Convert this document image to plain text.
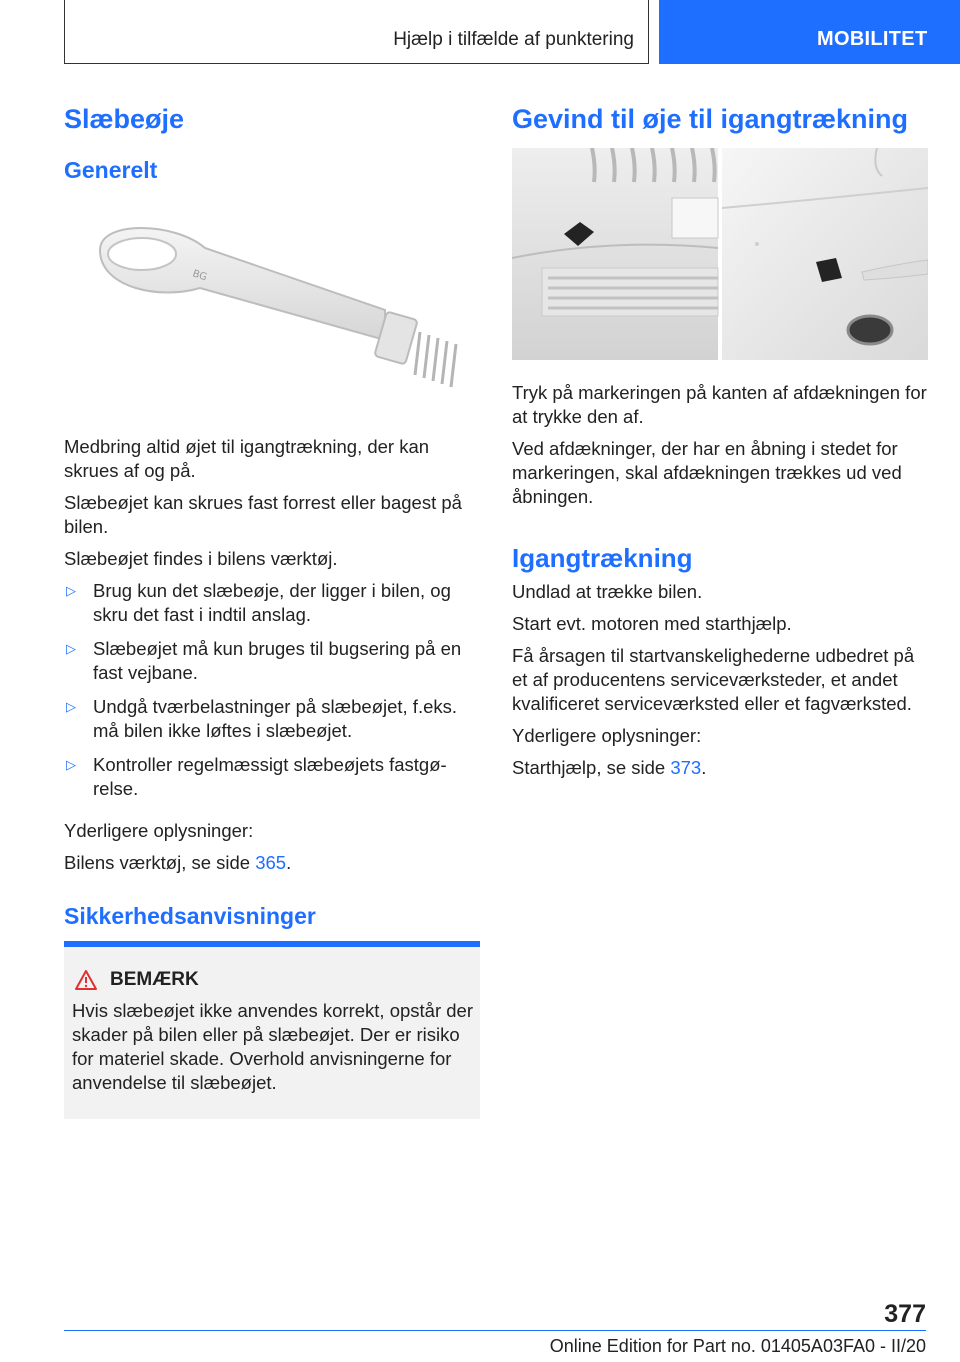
Hjælp i tilfælde af punktering	MOBILITET
Slæbeøje
Generelt
BG

Medbring altid øjet til igangtrækning, der kan skrues af og på.

Slæbeøjet kan skrues fast forrest eller bagest på bilen.

Slæbeøjet findes i bilens værktøj.

▷ Brug kun det slæbeøje, der ligger i bilen, og skru det fast i indtil anslag.
▷ Slæbeøjet må kun bruges til bugsering på en fast vejbane.
▷ Undgå tværbelastninger på slæbeøjet, f.eks. må bilen ikke løftes i slæbeøjet.
▷ Kontroller regelmæssigt slæbeøjets fastgørelse.

Yderligere oplysninger:

Bilens værktøj, se side 365.

Sikkerhedsanvisninger
BEMÆRK
Hvis slæbeøjet ikke anvendes korrekt, opstår der skader på bilen eller på slæbeøjet. Der er risiko for materiel skade. Overhold anvisningerne for anvendelse til slæbeøjet.
Gevind til øje til igangtrækning

Tryk på markeringen på kanten af afdækningen for at trykke den af.

Ved afdækninger, der har en åbning i stedet for markeringen, skal afdækningen trækkes ud ved åbningen.

Igangtrækning

Undlad at trække bilen.

Start evt. motoren med starthjælp.

Få årsagen til startvanskelighederne udbedret på et af producentens serviceværksteder, et andet kvalificeret serviceværksted eller et fagværksted.

Yderligere oplysninger:

Starthjælp, se side 373.

377
Online Edition for Part no. 01405A03FA0 - II/20
